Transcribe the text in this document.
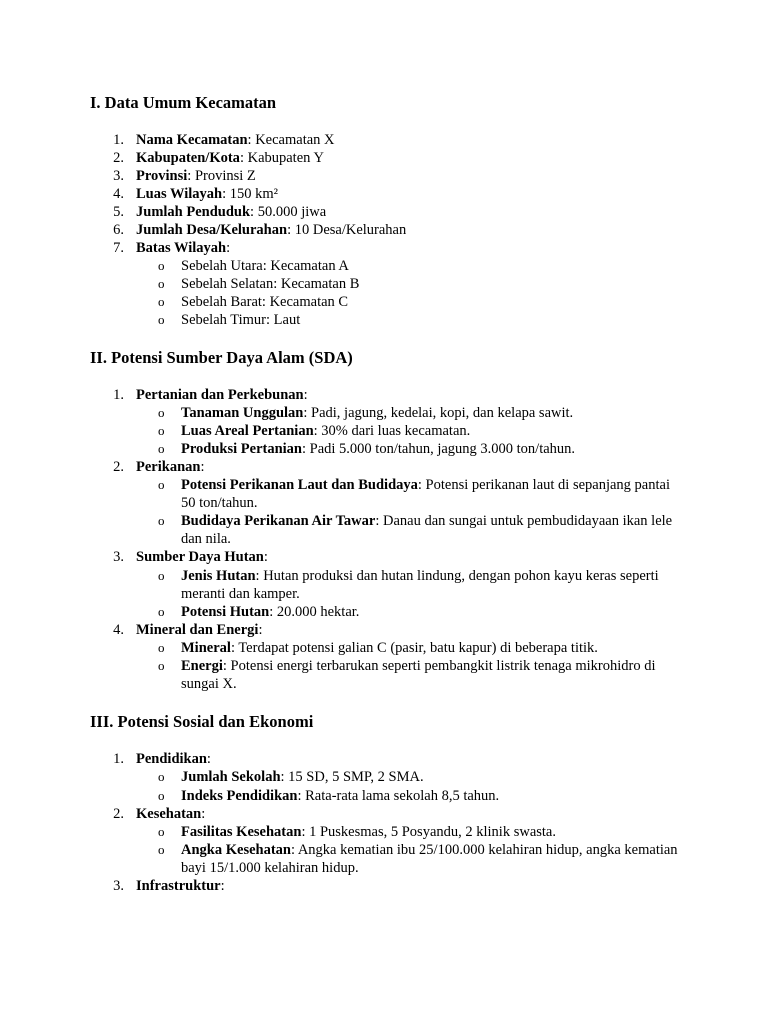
I. Data Umum Kecamatan
1. Nama Kecamatan: Kecamatan X
2. Kabupaten/Kota: Kabupaten Y
3. Provinsi: Provinsi Z
4. Luas Wilayah: 150 km²
5. Jumlah Penduduk: 50.000 jiwa
6. Jumlah Desa/Kelurahan: 10 Desa/Kelurahan
7. Batas Wilayah:
o Sebelah Utara: Kecamatan A
o Sebelah Selatan: Kecamatan B
o Sebelah Barat: Kecamatan C
o Sebelah Timur: Laut
II. Potensi Sumber Daya Alam (SDA)
1. Pertanian dan Perkebunan:
o Tanaman Unggulan: Padi, jagung, kedelai, kopi, dan kelapa sawit.
o Luas Areal Pertanian: 30% dari luas kecamatan.
o Produksi Pertanian: Padi 5.000 ton/tahun, jagung 3.000 ton/tahun.
2. Perikanan:
o Potensi Perikanan Laut dan Budidaya: Potensi perikanan laut di sepanjang pantai 50 ton/tahun.
o Budidaya Perikanan Air Tawar: Danau dan sungai untuk pembudidayaan ikan lele dan nila.
3. Sumber Daya Hutan:
o Jenis Hutan: Hutan produksi dan hutan lindung, dengan pohon kayu keras seperti meranti dan kamper.
o Potensi Hutan: 20.000 hektar.
4. Mineral dan Energi:
o Mineral: Terdapat potensi galian C (pasir, batu kapur) di beberapa titik.
o Energi: Potensi energi terbarukan seperti pembangkit listrik tenaga mikrohidro di sungai X.
III. Potensi Sosial dan Ekonomi
1. Pendidikan:
o Jumlah Sekolah: 15 SD, 5 SMP, 2 SMA.
o Indeks Pendidikan: Rata-rata lama sekolah 8,5 tahun.
2. Kesehatan:
o Fasilitas Kesehatan: 1 Puskesmas, 5 Posyandu, 2 klinik swasta.
o Angka Kesehatan: Angka kematian ibu 25/100.000 kelahiran hidup, angka kematian bayi 15/1.000 kelahiran hidup.
3. Infrastruktur:
